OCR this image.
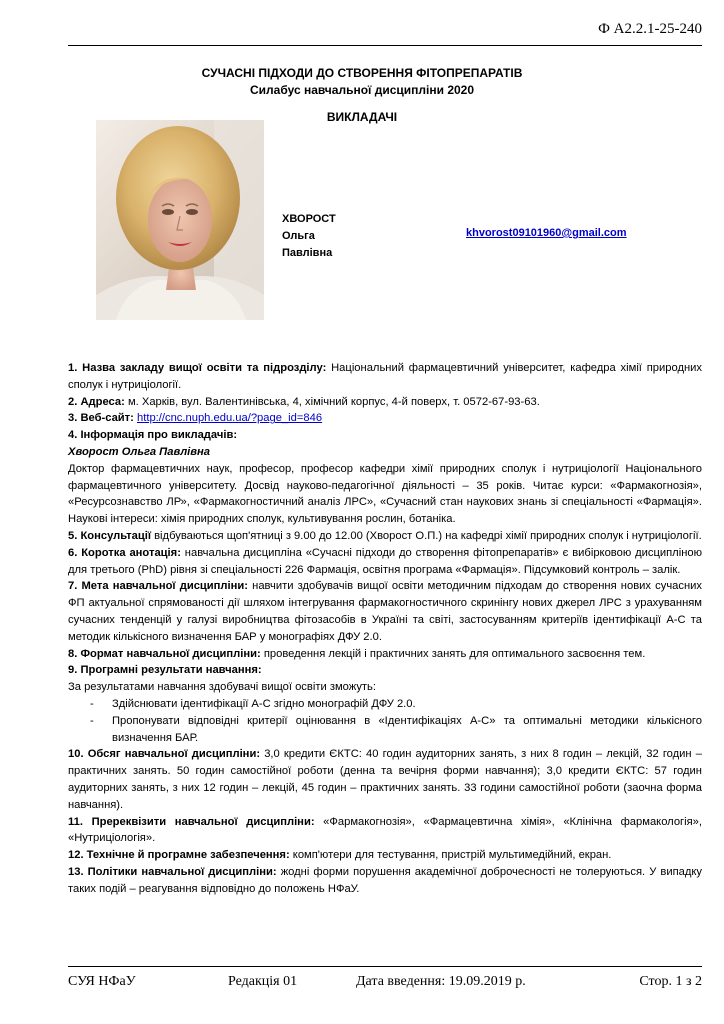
Ф А2.2.1-25-240
СУЧАСНІ ПІДХОДИ ДО СТВОРЕННЯ ФІТОПРЕПАРАТІВ
Силабус навчальної дисципліни 2020
ВИКЛАДАЧІ
ХВОРОСТ
Ольга
Павлівна
khvorost09101960@gmail.com

1. Назва закладу вищої освіти та підрозділу: Національний фармацевтичний університет, кафедра хімії природних сполук і нутриціології.

2. Адреса: м. Харків, вул. Валентинівська, 4, хімічний корпус, 4-й поверх, т. 0572-67-93-63.

3. Веб-сайт: http://cnc.nuph.edu.ua/?page_id=846

4. Інформація про викладачів:

Хворост Ольга Павлівна

Доктор фармацевтичних наук, професор, професор кафедри хімії природних сполук і нутриціології Національного фармацевтичного університету. Досвід науково-педагогічної діяльності – 35 років. Читає курси: «Фармакогнозія», «Ресурсознавство ЛР», «Фармакогностичний аналіз ЛРС», «Сучасний стан наукових знань зі спеціальності «Фармація». Наукові інтереси: хімія природних сполук, культивування рослин, ботаніка.

5. Консультації відбуваються щоп'ятниці з 9.00 до 12.00 (Хворост О.П.) на кафедрі хімії природних сполук і нутриціології.

6. Коротка анотація: навчальна дисципліна «Сучасні підходи до створення фітопрепаратів» є вибірковою дисципліною для третього (PhD) рівня зі спеціальності 226 Фармація, освітня програма «Фармація». Підсумковий контроль – залік.

7. Мета навчальної дисципліни: навчити здобувачів вищої освіти методичним підходам до створення нових сучасних ФП актуальної спрямованості дії шляхом інтегрування фармакогностичного скринінгу нових джерел ЛРС з урахуванням сучасних тенденцій у галузі виробництва фітозасобів в Україні та світі, застосуванням критеріїв ідентифікації А-С та методик кількісного визначення БАР у монографіях ДФУ 2.0.

8. Формат навчальної дисципліни: проведення лекцій і практичних занять для оптимального засвоєння тем.

9. Програмні результати навчання:

За результатами навчання здобувачі вищої освіти зможуть:

- Здійснювати ідентифікації А-С згідно монографій ДФУ 2.0.
- Пропонувати відповідні критерії оцінювання в «Ідентифікаціях А-С» та оптимальні методики кількісного визначення БАР.

10. Обсяг навчальної дисципліни: 3,0 кредити ЄКТС: 40 годин аудиторних занять, з них 8 годин – лекцій, 32 годин – практичних занять. 50 годин самостійної роботи (денна та вечірня форми навчання); 3,0 кредити ЄКТС: 57 годин аудиторних занять, з них 12 годин – лекцій, 45 годин – практичних занять. 33 години самостійної роботи (заочна форма навчання).

11. Пререквізити навчальної дисципліни: «Фармакогнозія», «Фармацевтична хімія», «Клінічна фармакологія», «Нутриціологія».

12. Технічне й програмне забезпечення: комп'ютери для тестування, пристрій мультимедійний, екран.

13. Політики навчальної дисципліни: жодні форми порушення академічної доброчесності не толеруються. У випадку таких подій – реагування відповідно до положень НФаУ.

СУЯ НФаУ	Редакція 01	Дата введення: 19.09.2019 р.	Стор. 1 з 2
